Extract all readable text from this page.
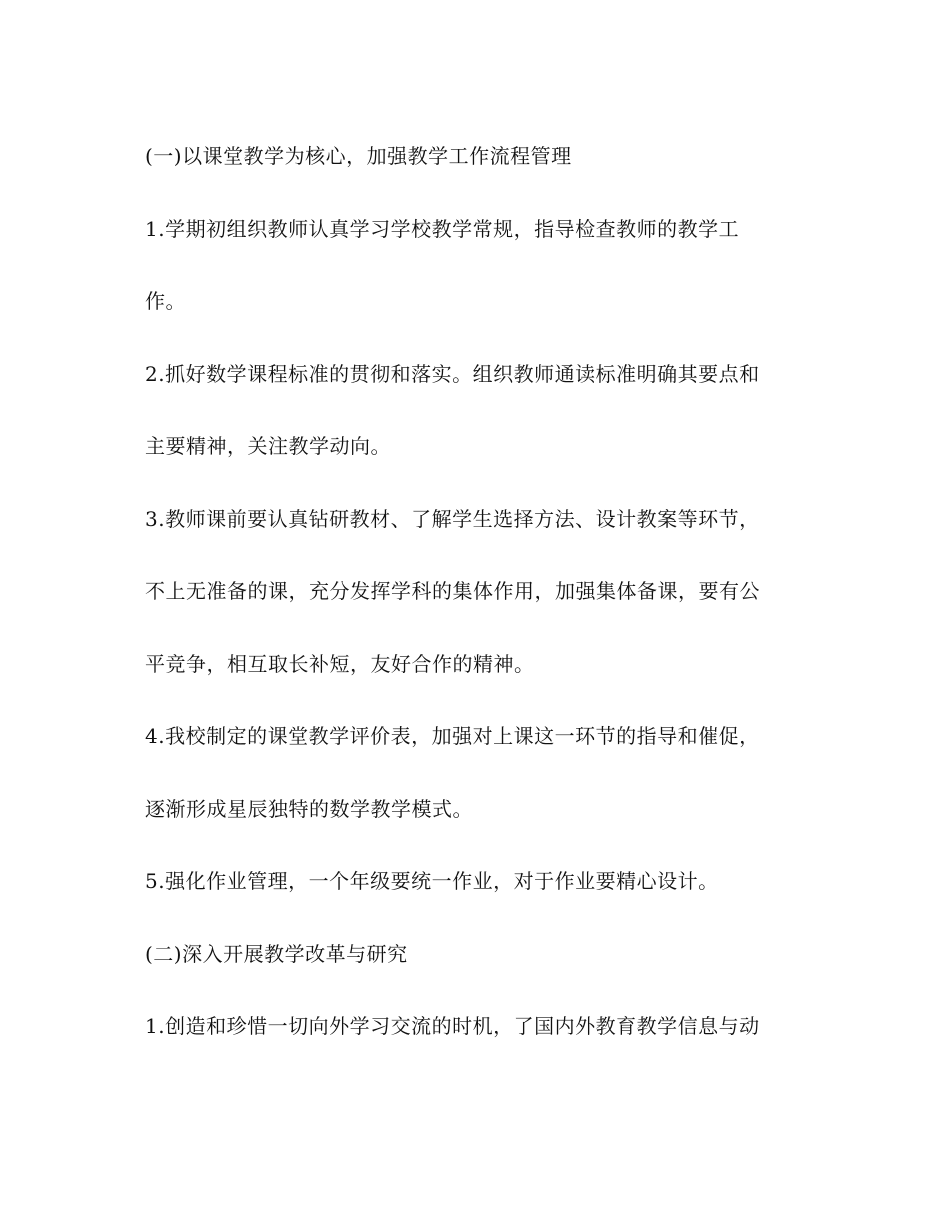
(一)以课堂教学为核心，加强教学工作流程管理
1.学期初组织教师认真学习学校教学常规，指导检查教师的教学工
作。
2.抓好数学课程标准的贯彻和落实。组织教师通读标准明确其要点和
主要精神，关注教学动向。
3.教师课前要认真钻研教材、了解学生选择方法、设计教案等环节，
不上无准备的课，充分发挥学科的集体作用，加强集体备课，要有公
平竞争，相互取长补短，友好合作的精神。
4.我校制定的课堂教学评价表，加强对上课这一环节的指导和催促，
逐渐形成星辰独特的数学教学模式。
5.强化作业管理，一个年级要统一作业，对于作业要精心设计。
(二)深入开展教学改革与研究
1.创造和珍惜一切向外学习交流的时机，了国内外教育教学信息与动
